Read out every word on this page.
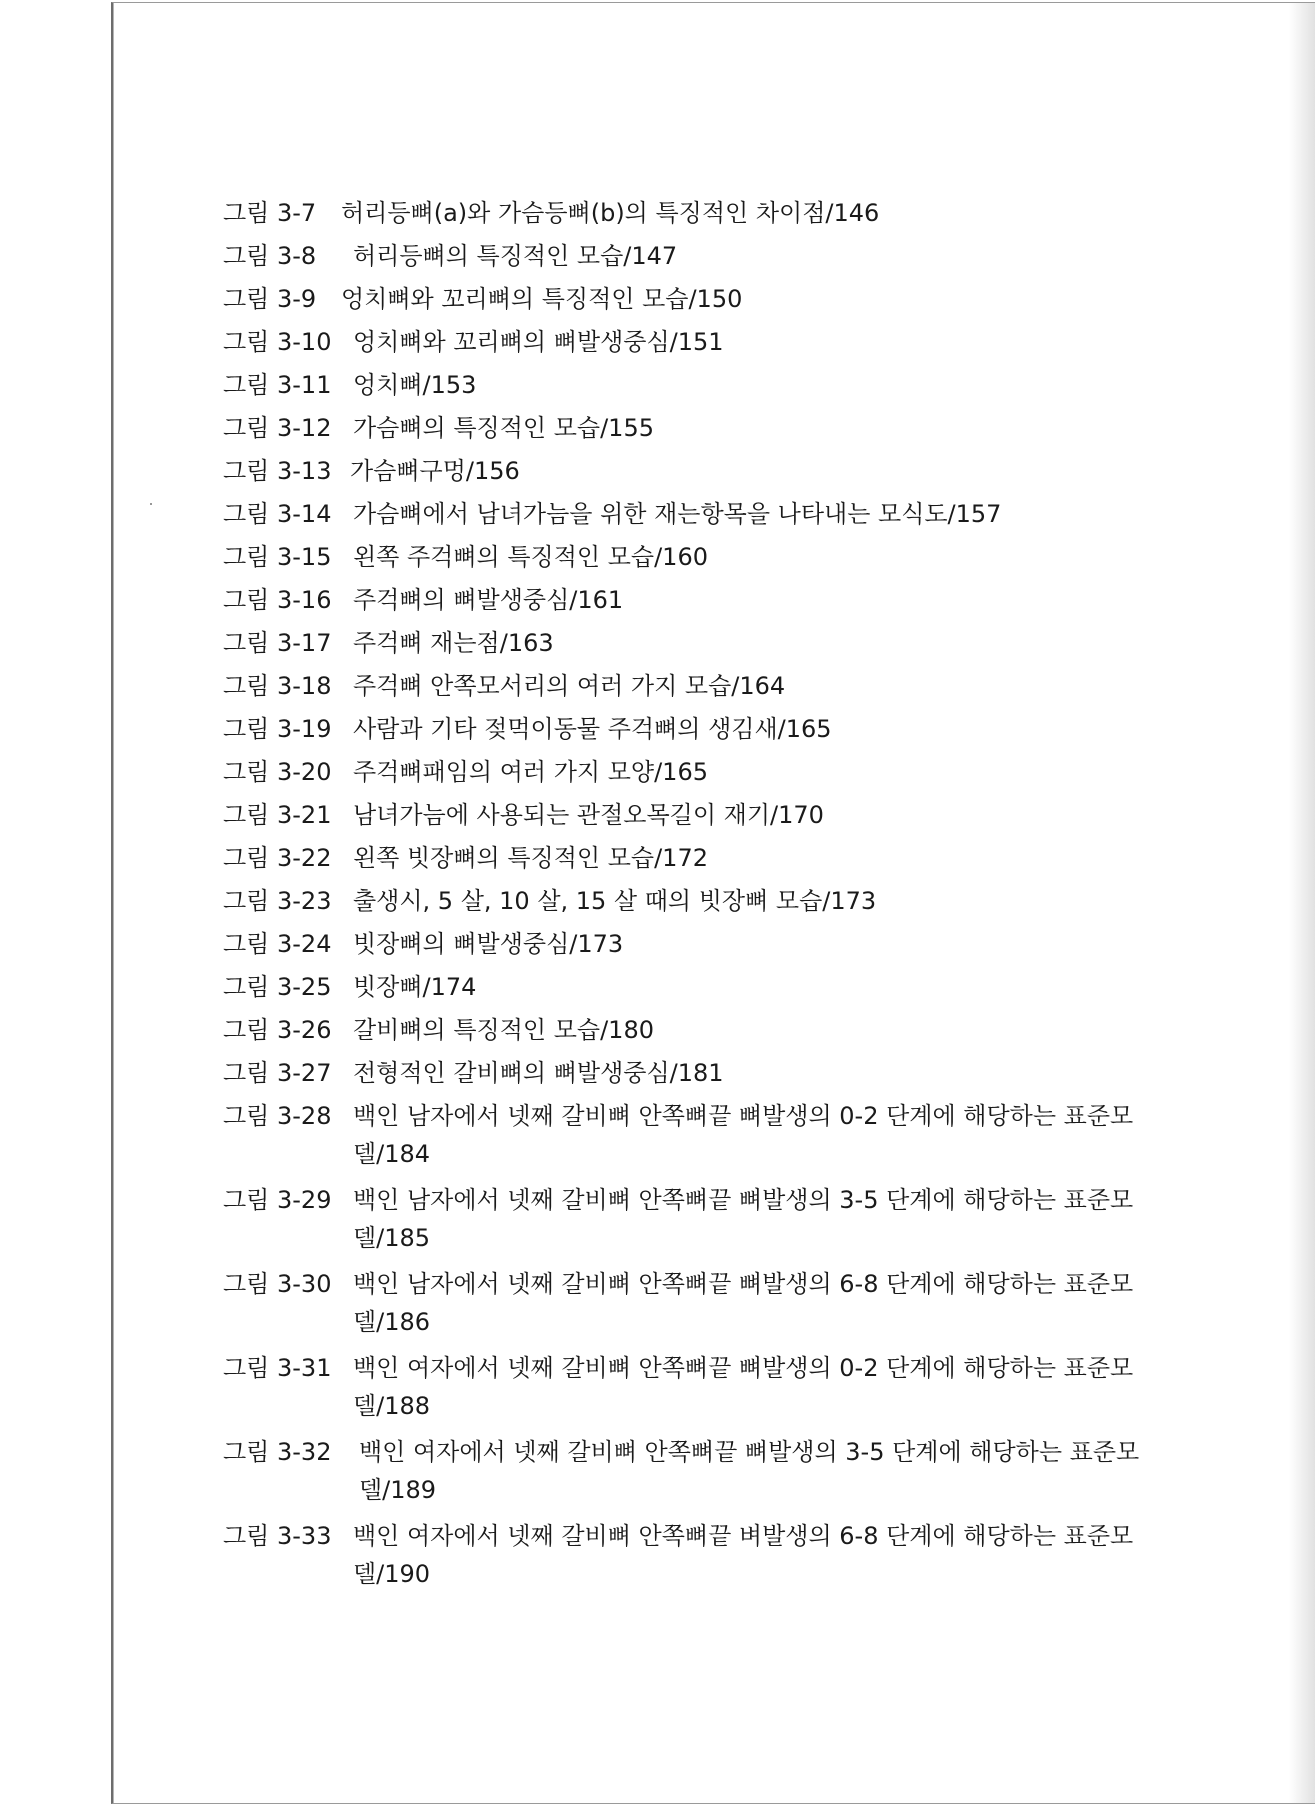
그림 3-7	허리등뼈(a)와 가슴등뼈(b)의 특징적인 차이점/146
그림 3-8	허리등뼈의 특징적인 모습/147
그림 3-9	엉치뼈와 꼬리뼈의 특징적인 모습/150
그림 3-10 엉치뼈와 꼬리뼈의 뼈발생중심/151
그림 3-11 엉치뼈/153
그림 3-12 가슴뼈의 특징적인 모습/155
그림 3-13 가슴뼈구멍/156
그림 3-14 가슴뼈에서 남녀가늠을 위한 재는항목을 나타내는 모식도/157
그림 3-15 왼쪽 주걱뼈의 특징적인 모습/160
그림 3-16 주걱뼈의 뼈발생중심/161
그림 3-17 주걱뼈 재는점/163
그림 3-18 주걱뼈 안쪽모서리의 여러 가지 모습/164
그림 3-19 사람과 기타 젖먹이동물 주걱뼈의 생김새/165
그림 3-20 주걱뼈패임의 여러 가지 모양/165
그림 3-21 남녀가늠에 사용되는 관절오목길이 재기/170
그림 3-22 왼쪽 빗장뼈의 특징적인 모습/172
그림 3-23 출생시, 5 살, 10 살, 15 살 때의 빗장뼈 모습/173
그림 3-24 빗장뼈의 뼈발생중심/173
그림 3-25 빗장뼈/174
그림 3-26 갈비뼈의 특징적인 모습/180
그림 3-27 전형적인 갈비뼈의 뼈발생중심/181
그림 3-28 백인 남자에서 넷째 갈비뼈 안쪽뼈끝 뼈발생의 0-2 단계에 해당하는 표준모델/184
그림 3-29 백인 남자에서 넷째 갈비뼈 안쪽뼈끝 뼈발생의 3-5 단계에 해당하는 표준모델/185
그림 3-30 백인 남자에서 넷째 갈비뼈 안쪽뼈끝 뼈발생의 6-8 단계에 해당하는 표준모델/186
그림 3-31 백인 여자에서 넷째 갈비뼈 안쪽뼈끝 뼈발생의 0-2 단계에 해당하는 표준모델/188
그림 3-32	백인 여자에서 넷째 갈비뼈 안쪽뼈끝 뼈발생의 3-5 단계에 해당하는 표준모델/189
그림 3-33 백인 여자에서 넷째 갈비뼈 안쪽뼈끝 벼발생의 6-8 단계에 해당하는 표준모델/190
